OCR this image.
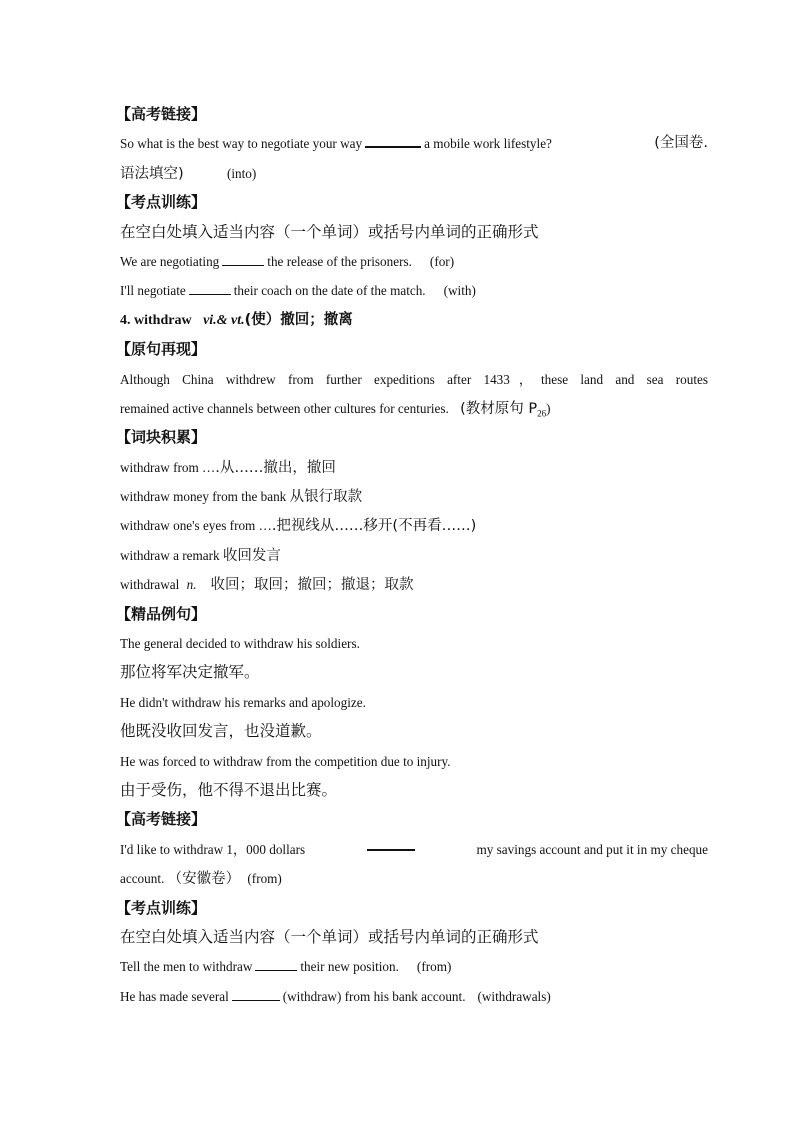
【高考链接】
So what is the best way to negotiate your way	a mobile work lifestyle?	(全国卷.
语法填空)	(into)
【考点训练】
在空白处填入适当内容（一个单词）或括号内单词的正确形式
We are negotiating	the release of the prisoners. (for)
I'll negotiate	their coach on the date of the match. (with)
4. withdraw vi.& vt.(使）撤回；撤离
【原句再现】
Although China withdrew from further expeditions after 1433，these land and sea routes
remained active channels between other cultures for centuries. (教材原句 $P_{26}$)
【词块积累】
withdraw from ….从……撤出，撤回
withdraw money from the bank 从银行取款
withdraw one's eyes from ….把视线从……移开(不再看……)
withdraw a remark 收回发言
withdrawal n. 收回；取回；撤回；撤退；取款
【精品例句】
The general decided to withdraw his soldiers.
那位将军决定撤军。
He didn't withdraw his remarks and apologize.
他既没收回发言，也没道歉。
He was forced to withdraw from the competition due to injury.
由于受伤，他不得不退出比赛。
【高考链接】
I'd like to withdraw 1，000 dollars	my savings account and put it in my cheque
account. （安徽卷） (from)
【考点训练】
在空白处填入适当内容（一个单词）或括号内单词的正确形式
Tell the men to withdraw	their new position. (from)
He has made several	(withdraw) from his bank account. (withdrawals)
